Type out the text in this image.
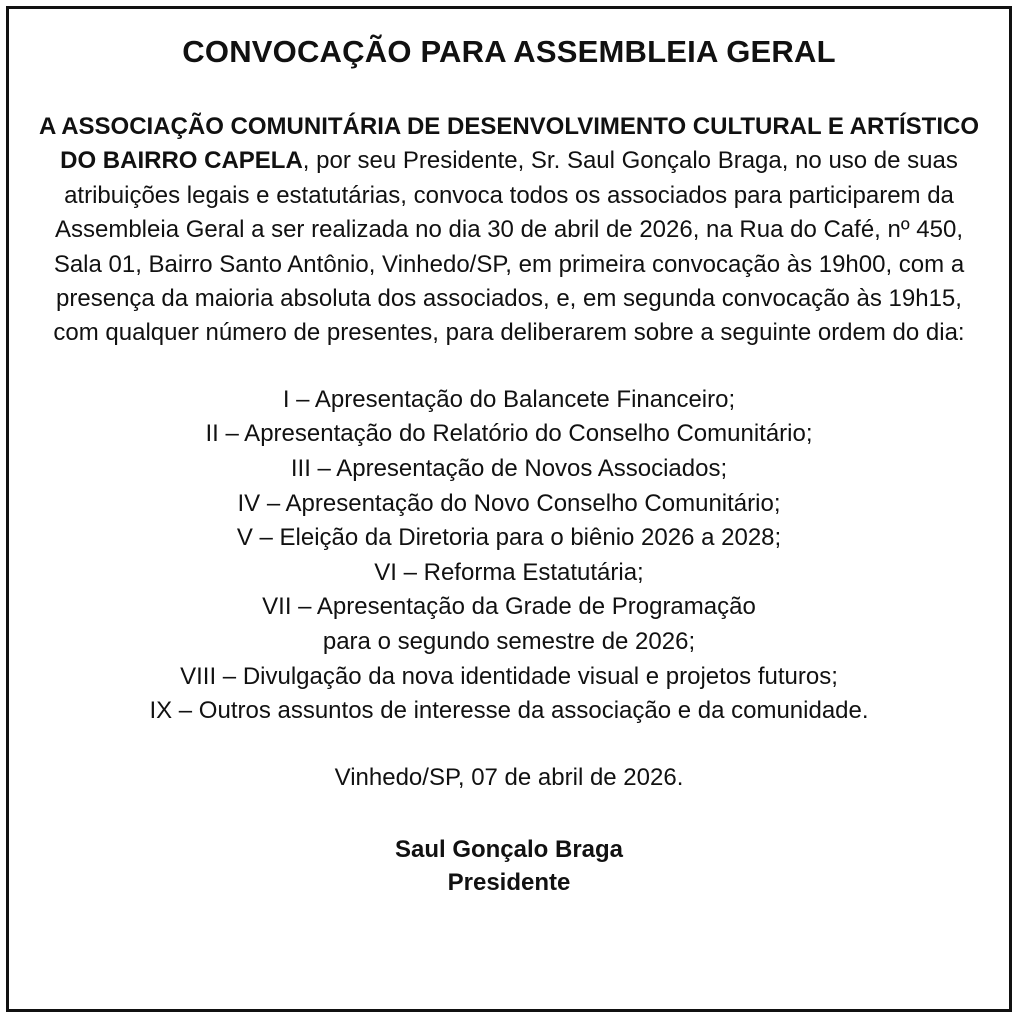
CONVOCAÇÃO PARA ASSEMBLEIA GERAL

A ASSOCIAÇÃO COMUNITÁRIA DE DESENVOLVIMENTO CULTURAL E ARTÍSTICO DO BAIRRO CAPELA, por seu Presidente, Sr. Saul Gonçalo Braga, no uso de suas atribuições legais e estatutárias, convoca todos os associados para participarem da Assembleia Geral a ser realizada no dia 30 de abril de 2026, na Rua do Café, nº 450, Sala 01, Bairro Santo Antônio, Vinhedo/SP, em primeira convocação às 19h00, com a presença da maioria absoluta dos associados, e, em segunda convocação às 19h15, com qualquer número de presentes, para deliberarem sobre a seguinte ordem do dia:

I – Apresentação do Balancete Financeiro;
II – Apresentação do Relatório do Conselho Comunitário;
III – Apresentação de Novos Associados;
IV – Apresentação do Novo Conselho Comunitário;
V – Eleição da Diretoria para o biênio 2026 a 2028;
VI – Reforma Estatutária;
VII – Apresentação da Grade de Programação
para o segundo semestre de 2026;
VIII – Divulgação da nova identidade visual e projetos futuros;
IX – Outros assuntos de interesse da associação e da comunidade.

Vinhedo/SP, 07 de abril de 2026.

Saul Gonçalo Braga
Presidente
